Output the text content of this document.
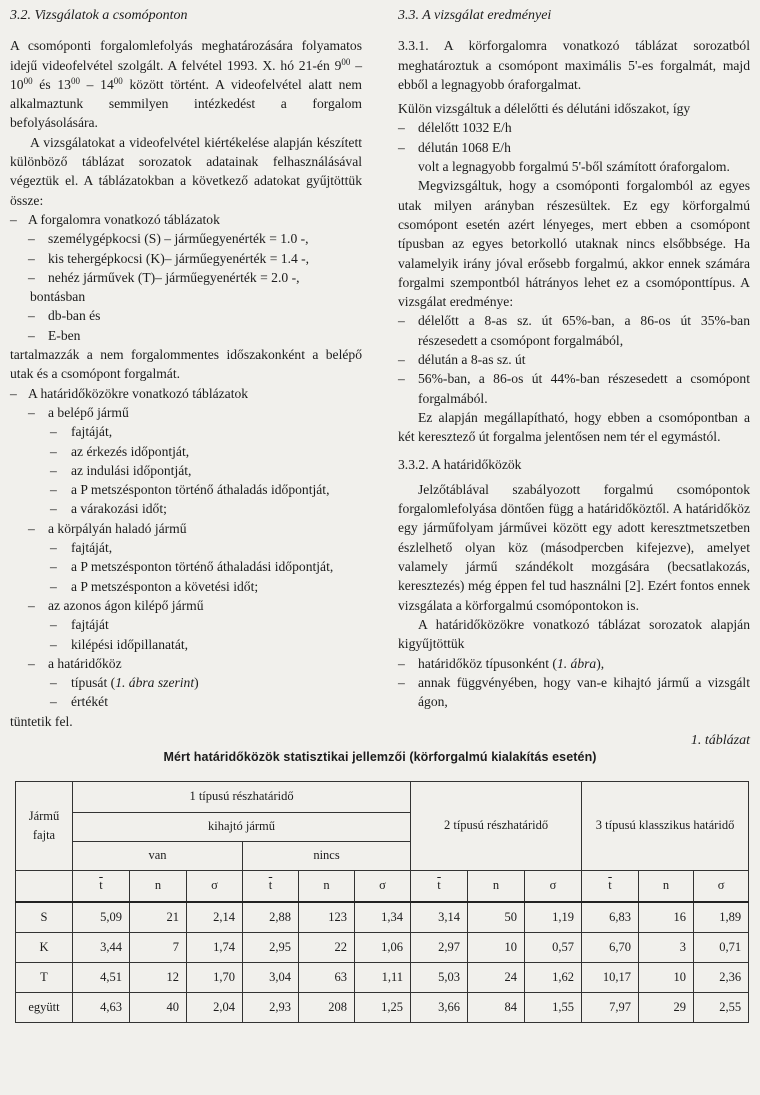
3.2. Vizsgálatok a csomóponton

A csomóponti forgalomlefolyás meghatározására folyamatos idejű videofelvétel szolgált. A felvétel 1993. X. hó 21-én $9^{00} - 10^{00}$ és $13^{00} - 14^{00}$ között történt. A videofelvétel alatt nem alkalmaztunk semmilyen intézkedést a forgalom befolyásolására.

A vizsgálatokat a videofelvétel kiértékelése alapján készített különböző táblázat sorozatok adatainak felhasználásával végeztük el. A táblázatokban a következő adatokat gyűjtöttük össze:

– A forgalomra vonatkozó táblázatok
– személygépkocsi (S) – járműegyenérték = 1.0 -,
– kis tehergépkocsi (K)– járműegyenérték = 1.4 -,
– nehéz járművek (T)– járműegyenérték = 2.0 -,
bontásban
– db-ban és
– E-ben

tartalmazzák a nem forgalommentes időszakonként a belépő utak és a csomópont forgalmát.

– A határidőközökre vonatkozó táblázatok
– a belépő jármű
–	fajtáját,
–	az érkezés időpontját,
–	az indulási időpontját,
–	a P metszésponton történő áthaladás időpontját,
–	a várakozási időt;
– a körpályán haladó jármű
–	fajtáját,
–	a P metszésponton történő áthaladási időpontját,
–	a P metszésponton a követési időt;
– az azonos ágon kilépő jármű
–	fajtáját
–	kilépési időpillanatát,
– a határidőköz
–	típusát (1. ábra szerint)
–	értékét

tüntetik fel.

3.3. A vizsgálat eredményei

3.3.1. A körforgalomra vonatkozó táblázat sorozatból meghatároztuk a csomópont maximális 5'-es forgalmát, majd ebből a legnagyobb óraforgalmat.

Külön vizsgáltuk a délelőtti és délutáni időszakot, így

– délelőtt 1032 E/h
– délután 1068 E/h

volt a legnagyobb forgalmú 5'-ből számított óraforgalom.

Megvizsgáltuk, hogy a csomóponti forgalomból az egyes utak milyen arányban részesültek. Ez egy körforgalmú csomópont esetén azért lényeges, mert ebben a csomópont típusban az egyes betorkolló utaknak nincs elsőbbsége. Ha valamelyik irány jóval erősebb forgalmú, akkor ennek számára forgalmi szempontból hátrányos lehet ez a csomóponttípus. A vizsgálat eredménye:

– délelőtt a 8-as sz. út 65%-ban, a 86-os út 35%-ban részesedett a csomópont forgalmából,
– délután a 8-as sz. út
– 56%-ban, a 86-os út 44%-ban részesedett a csomópont forgalmából.

Ez alapján megállapítható, hogy ebben a csomópontban a két keresztező út forgalma jelentősen nem tér el egymástól.

3.3.2. A határidőközök

Jelzőtáblával szabályozott forgalmú csomópontok forgalomlefolyása döntően függ a határidőköztől. A határidőköz egy járműfolyam járművei között egy adott keresztmetszetben észlelhető olyan köz (másodpercben kifejezve), amelyet valamely jármű szándékolt mozgására (becsatlakozás, keresztezés) még éppen fel tud használni [2]. Ezért fontos ennek vizsgálata a körforgalmú csomópontokon is.

A határidőközökre vonatkozó táblázat sorozatok alapján kigyűjtöttük

– határidőköz típusonként (1. ábra),
– annak függvényében, hogy van-e kihajtó jármű a vizsgált ágon,
1. táblázat
Mért határidőközök statisztikai jellemzői (körforgalmú kialakítás esetén)
Jármű fajta	1 típusú részhatáridő						2 típusú részhatáridő			3 típusú klasszikus határidő		
	kihajtó jármű											
	van			nincs								
	$\overline{t}$	n	σ	$\overline{t}$	n	σ	$\overline{t}$	n	σ	$\overline{t}$	n	σ
S	5,09	21	2,14	2,88	123	1,34	3,14	50	1,19	6,83	16	1,89
K	3,44	7	1,74	2,95	22	1,06	2,97	10	0,57	6,70	3	0,71
T	4,51	12	1,70	3,04	63	1,11	5,03	24	1,62	10,17	10	2,36
együtt	4,63	40	2,04	2,93	208	1,25	3,66	84	1,55	7,97	29	2,55
